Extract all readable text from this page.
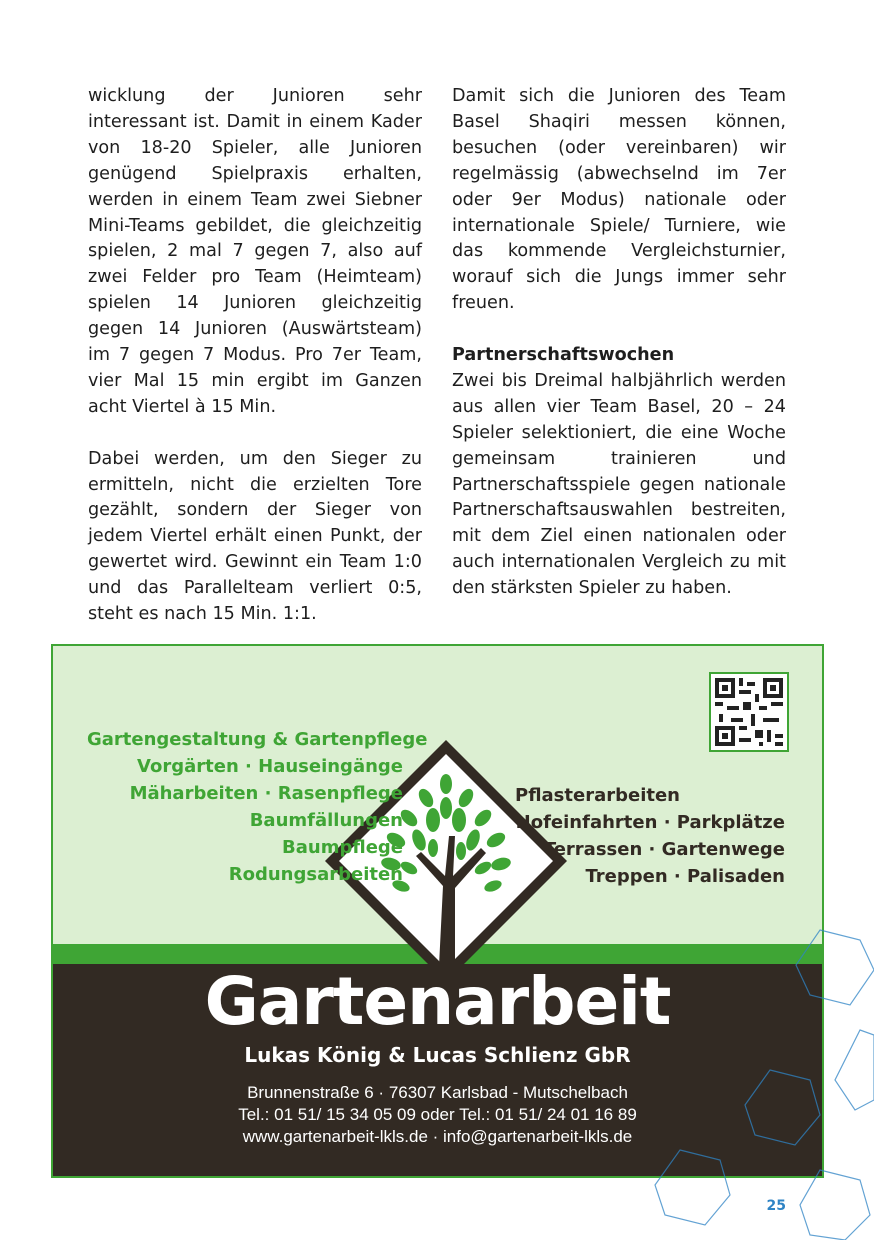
wicklung der Junioren sehr interessant ist. Damit in einem Kader von 18-20 Spieler, alle Junioren genügend Spielpraxis erhalten, werden in einem Team zwei Siebner Mini-Teams gebildet, die gleichzeitig spielen, 2 mal 7 gegen 7, also auf zwei Felder pro Team (Heimteam) spielen 14 Junioren gleichzeitig gegen 14 Junioren (Auswärtsteam) im 7 gegen 7 Modus. Pro 7er Team, vier Mal 15 min ergibt im Ganzen acht Viertel à 15 Min.

Dabei werden, um den Sieger zu ermitteln, nicht die erzielten Tore gezählt, sondern der Sieger von jedem Viertel erhält einen Punkt, der gewertet wird. Gewinnt ein Team 1:0 und das Parallelteam verliert 0:5, steht es nach 15 Min. 1:1.

Damit sich die Junioren des Team Basel Shaqiri messen können, besuchen (oder vereinbaren) wir regelmässig (abwechselnd im 7er oder 9er Modus) nationale oder internationale Spiele/ Turniere, wie das kommende Vergleichsturnier, worauf sich die Jungs immer sehr freuen.

Partnerschaftswochen
Zwei bis Dreimal halbjährlich werden aus allen vier Team Basel, 20 – 24 Spieler selektioniert, die eine Woche gemeinsam trainieren und Partnerschaftsspiele gegen nationale Partnerschaftsauswahlen bestreiten, mit dem Ziel einen nationalen oder auch internationalen Vergleich zu mit den stärksten Spieler zu haben.

Gartengestaltung & Gartenpflege
Vorgärten · Hauseingänge
Mäharbeiten · Rasenpflege
Baumfällungen
Baumpflege
Rodungsarbeiten
Pflasterarbeiten
Hofeinfahrten · Parkplätze
Terrassen · Gartenwege
Treppen · Palisaden
Gartenarbeit
Lukas König & Lucas Schlienz GbR
Brunnenstraße 6 · 76307 Karlsbad - Mutschelbach
Tel.: 01 51/ 15 34 05 09 oder Tel.: 01 51/ 24 01 16 89
www.gartenarbeit-lkls.de · info@gartenarbeit-lkls.de
25
